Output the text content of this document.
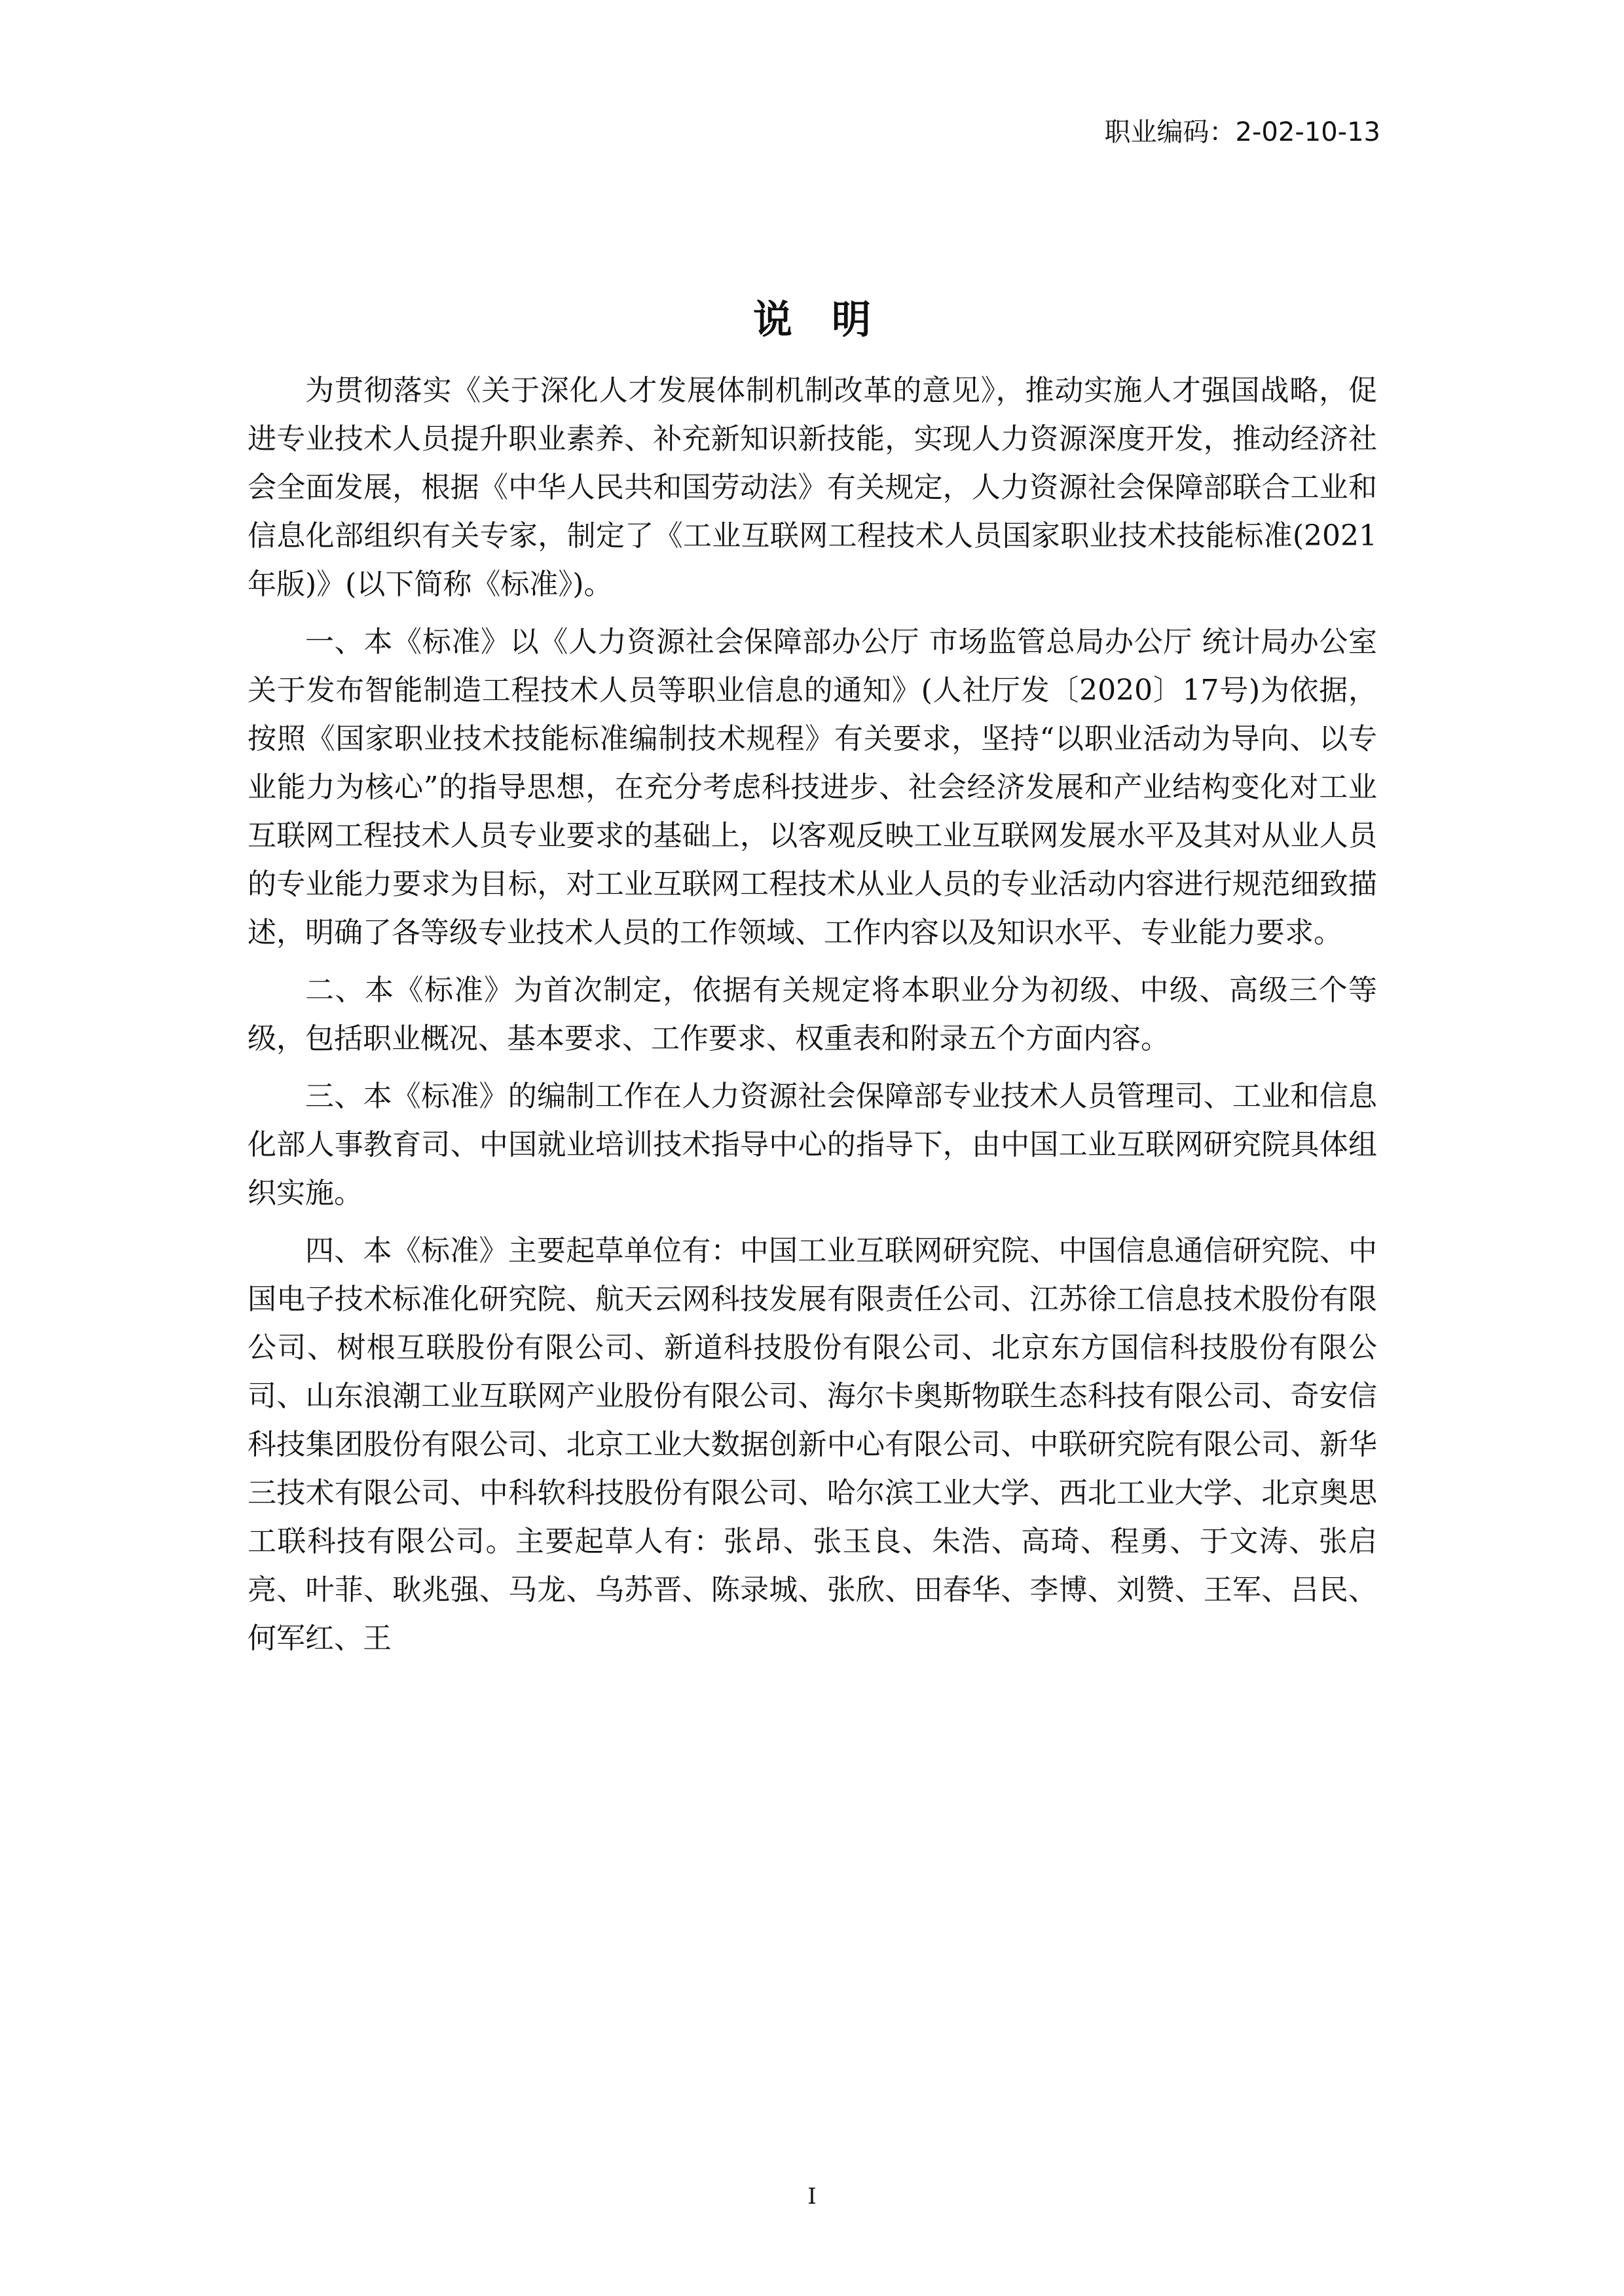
职业编码：2-02-10-13
说明

为贯彻落实《关于深化人才发展体制机制改革的意见》，推动实施人才强国战略，促进专业技术人员提升职业素养、补充新知识新技能，实现人力资源深度开发，推动经济社会全面发展，根据《中华人民共和国劳动法》有关规定，人力资源社会保障部联合工业和信息化部组织有关专家，制定了《工业互联网工程技术人员国家职业技术技能标准(2021年版)》(以下简称《标准》)。

一、本《标准》以《人力资源社会保障部办公厅 市场监管总局办公厅 统计局办公室关于发布智能制造工程技术人员等职业信息的通知》(人社厅发〔2020〕17号)为依据，按照《国家职业技术技能标准编制技术规程》有关要求，坚持“以职业活动为导向、以专业能力为核心”的指导思想，在充分考虑科技进步、社会经济发展和产业结构变化对工业互联网工程技术人员专业要求的基础上，以客观反映工业互联网发展水平及其对从业人员的专业能力要求为目标，对工业互联网工程技术从业人员的专业活动内容进行规范细致描述，明确了各等级专业技术人员的工作领域、工作内容以及知识水平、专业能力要求。

二、本《标准》为首次制定，依据有关规定将本职业分为初级、中级、高级三个等级，包括职业概况、基本要求、工作要求、权重表和附录五个方面内容。

三、本《标准》的编制工作在人力资源社会保障部专业技术人员管理司、工业和信息化部人事教育司、中国就业培训技术指导中心的指导下，由中国工业互联网研究院具体组织实施。

四、本《标准》主要起草单位有：中国工业互联网研究院、中国信息通信研究院、中国电子技术标准化研究院、航天云网科技发展有限责任公司、江苏徐工信息技术股份有限公司、树根互联股份有限公司、新道科技股份有限公司、北京东方国信科技股份有限公司、山东浪潮工业互联网产业股份有限公司、海尔卡奥斯物联生态科技有限公司、奇安信科技集团股份有限公司、北京工业大数据创新中心有限公司、中联研究院有限公司、新华三技术有限公司、中科软科技股份有限公司、哈尔滨工业大学、西北工业大学、北京奥思工联科技有限公司。主要起草人有：张昂、张玉良、朱浩、高琦、程勇、于文涛、张启亮、叶菲、耿兆强、马龙、乌苏晋、陈录城、张欣、田春华、李博、刘赞、王军、吕民、何军红、王

I
